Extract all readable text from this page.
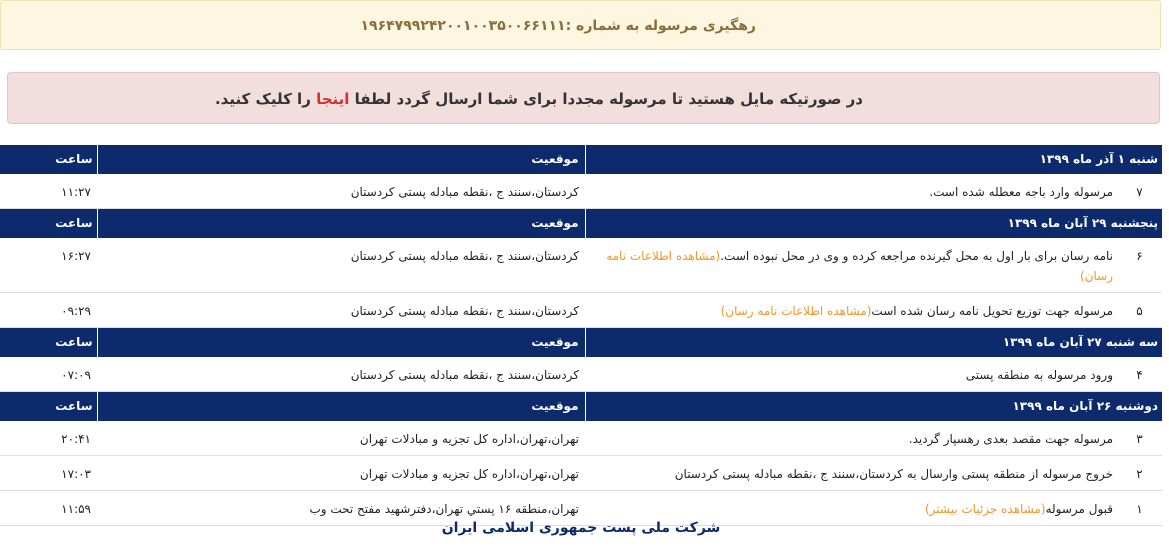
رهگیری مرسوله به شماره :۱۹۶۴۷۹۹۲۴۲۰۰۱۰۰۳۵۰۰۶۶۱۱۱
در صورتیکه مایل هستید تا مرسوله مجددا برای شما ارسال گردد لطفا اینجا را کلیک کنید.
شنبه ۱ آذر ماه ۱۳۹۹		موقعیت	ساعت
۷	مرسوله وارد باجه معطله شده است.	کردستان،سنند ج ،نقطه مبادله پستی کردستان	۱۱:۲۷
پنجشنبه ۲۹ آبان ماه ۱۳۹۹		موقعیت	ساعت
۶	نامه رسان برای بار اول به محل گیرنده مراجعه کرده و وی در محل نبوده است.(مشاهده اطلاعات نامه رسان)	کردستان،سنند ج ،نقطه مبادله پستی کردستان	۱۶:۲۷
۵	مرسوله جهت توزیع تحویل نامه رسان شده است(مشاهده اطلاعات نامه رسان)	کردستان،سنند ج ،نقطه مبادله پستی کردستان	۰۹:۲۹
سه شنبه ۲۷ آبان ماه ۱۳۹۹		موقعیت	ساعت
۴	ورود مرسوله به منطقه پستی	کردستان،سنند ج ،نقطه مبادله پستی کردستان	۰۷:۰۹
دوشنبه ۲۶ آبان ماه ۱۳۹۹		موقعیت	ساعت
۳	مرسوله جهت مقصد بعدی رهسپار گردید.	تهران،تهران،اداره کل تجزیه و مبادلات تهران	۲۰:۴۱
۲	خروج مرسوله از منطقه پستی وارسال به کردستان،سنند ج ،نقطه مبادله پستی کردستان	تهران،تهران،اداره کل تجزیه و مبادلات تهران	۱۷:۰۳
۱	قبول مرسوله(مشاهده جزئیات بیشتر)	تهران،منطقه ۱۶ پستي تهران،دفترشهید مفتح تحت وب	۱۱:۵۹
شرکت ملی پست جمهوری اسلامی ایران
